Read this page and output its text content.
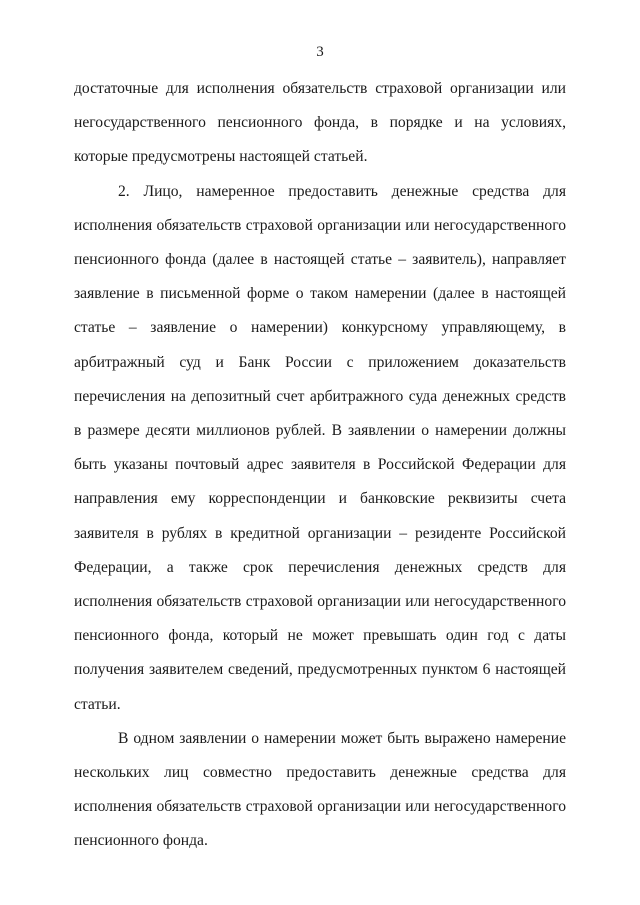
3

достаточные для исполнения обязательств страховой организации или негосударственного пенсионного фонда, в порядке и на условиях, которые предусмотрены настоящей статьей.

2. Лицо, намеренное предоставить денежные средства для исполнения обязательств страховой организации или негосударственного пенсионного фонда (далее в настоящей статье – заявитель), направляет заявление в письменной форме о таком намерении (далее в настоящей статье – заявление о намерении) конкурсному управляющему, в арбитражный суд и Банк России с приложением доказательств перечисления на депозитный счет арбитражного суда денежных средств в размере десяти миллионов рублей. В заявлении о намерении должны быть указаны почтовый адрес заявителя в Российской Федерации для направления ему корреспонденции и банковские реквизиты счета заявителя в рублях в кредитной организации – резиденте Российской Федерации, а также срок перечисления денежных средств для исполнения обязательств страховой организации или негосударственного пенсионного фонда, который не может превышать один год с даты получения заявителем сведений, предусмотренных пунктом 6 настоящей статьи.

В одном заявлении о намерении может быть выражено намерение нескольких лиц совместно предоставить денежные средства для исполнения обязательств страховой организации или негосударственного пенсионного фонда.
